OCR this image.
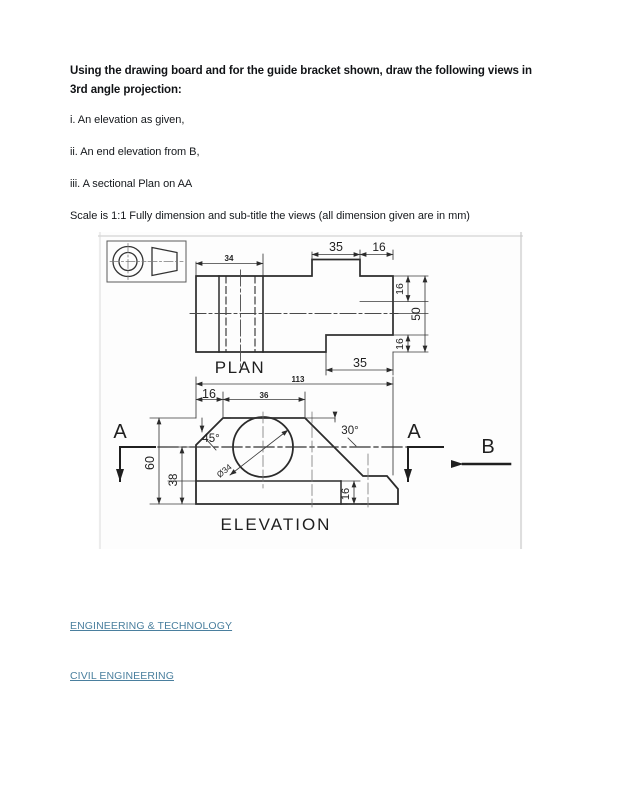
Using the drawing board and for the guide bracket shown, draw the following views in 3rd angle projection:

i. An elevation as given,

ii. An end elevation from B,

iii. A sectional Plan on AA

Scale is 1:1 Fully dimension and sub-title the views (all dimension given are in mm)

34
35 16
16
50
16
PLAN	35
113
16	36
60
38
16
45°
30°
Ø34
A	A
B
ELEVATION
ENGINEERING & TECHNOLOGY
CIVIL ENGINEERING
